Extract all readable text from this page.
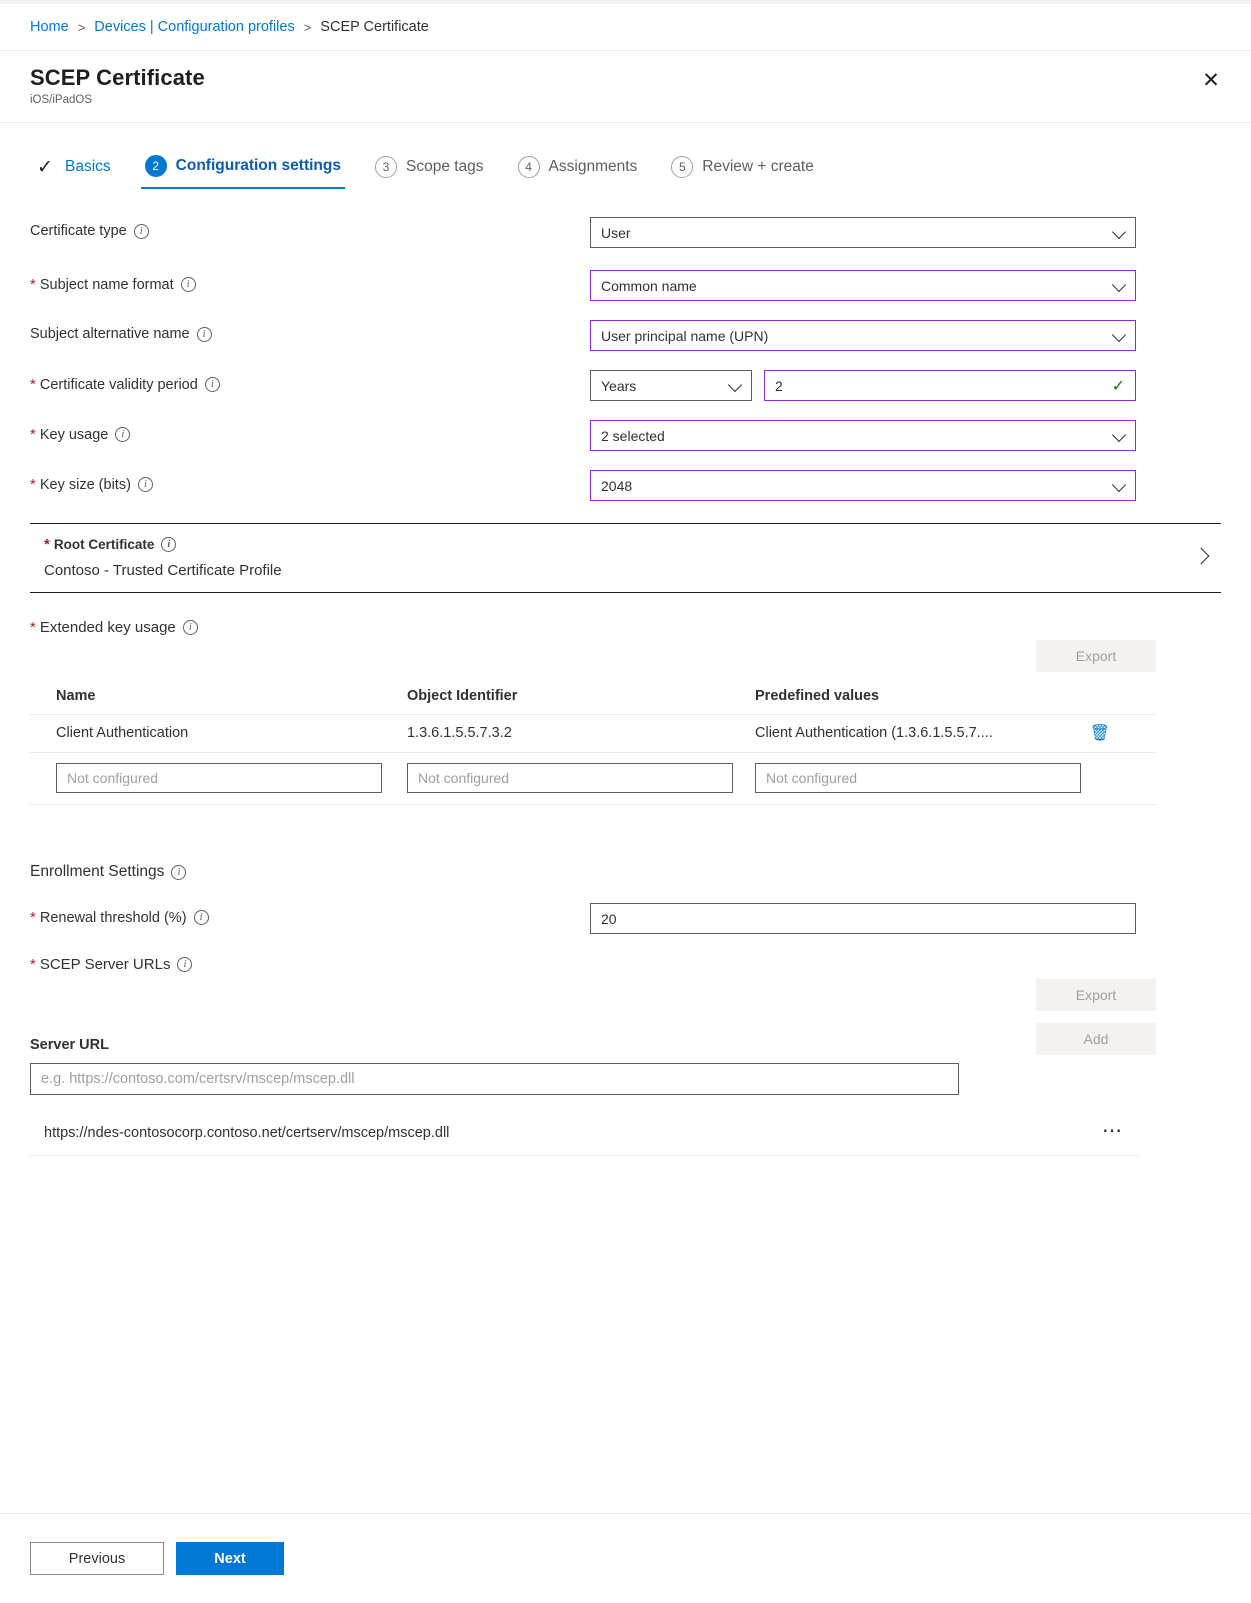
Home > Devices | Configuration profiles > SCEP Certificate
SCEP Certificate
iOS/iPadOS
✕
✓ Basics	2	Configuration settings	3	Scope tags	4	Assignments	5	Review + create
Certificate type	i	User
* Subject name format	i	Common name
Subject alternative name	i	User principal name (UPN)
* Certificate validity period	i	Years	2	✓
* Key usage	i	2 selected
* Key size (bits)	i	2048
* Root Certificate	i
Contoso - Trusted Certificate Profile
* Extended key usage	i
Export
Name	Object Identifier	Predefined values
Client Authentication	1.3.6.1.5.5.7.3.2	Client Authentication (1.3.6.1.5.5.7.... 🗑

Not configured	Not configured	Not configured
Enrollment Settings	i
* Renewal threshold (%)	i	20
* SCEP Server URLs	i
Export
Add
Server URL
e.g. https://contoso.com/certsrv/mscep/mscep.dll
https://ndes-contosocorp.contoso.net/certserv/mscep/mscep.dll	⋯
Previous	Next
